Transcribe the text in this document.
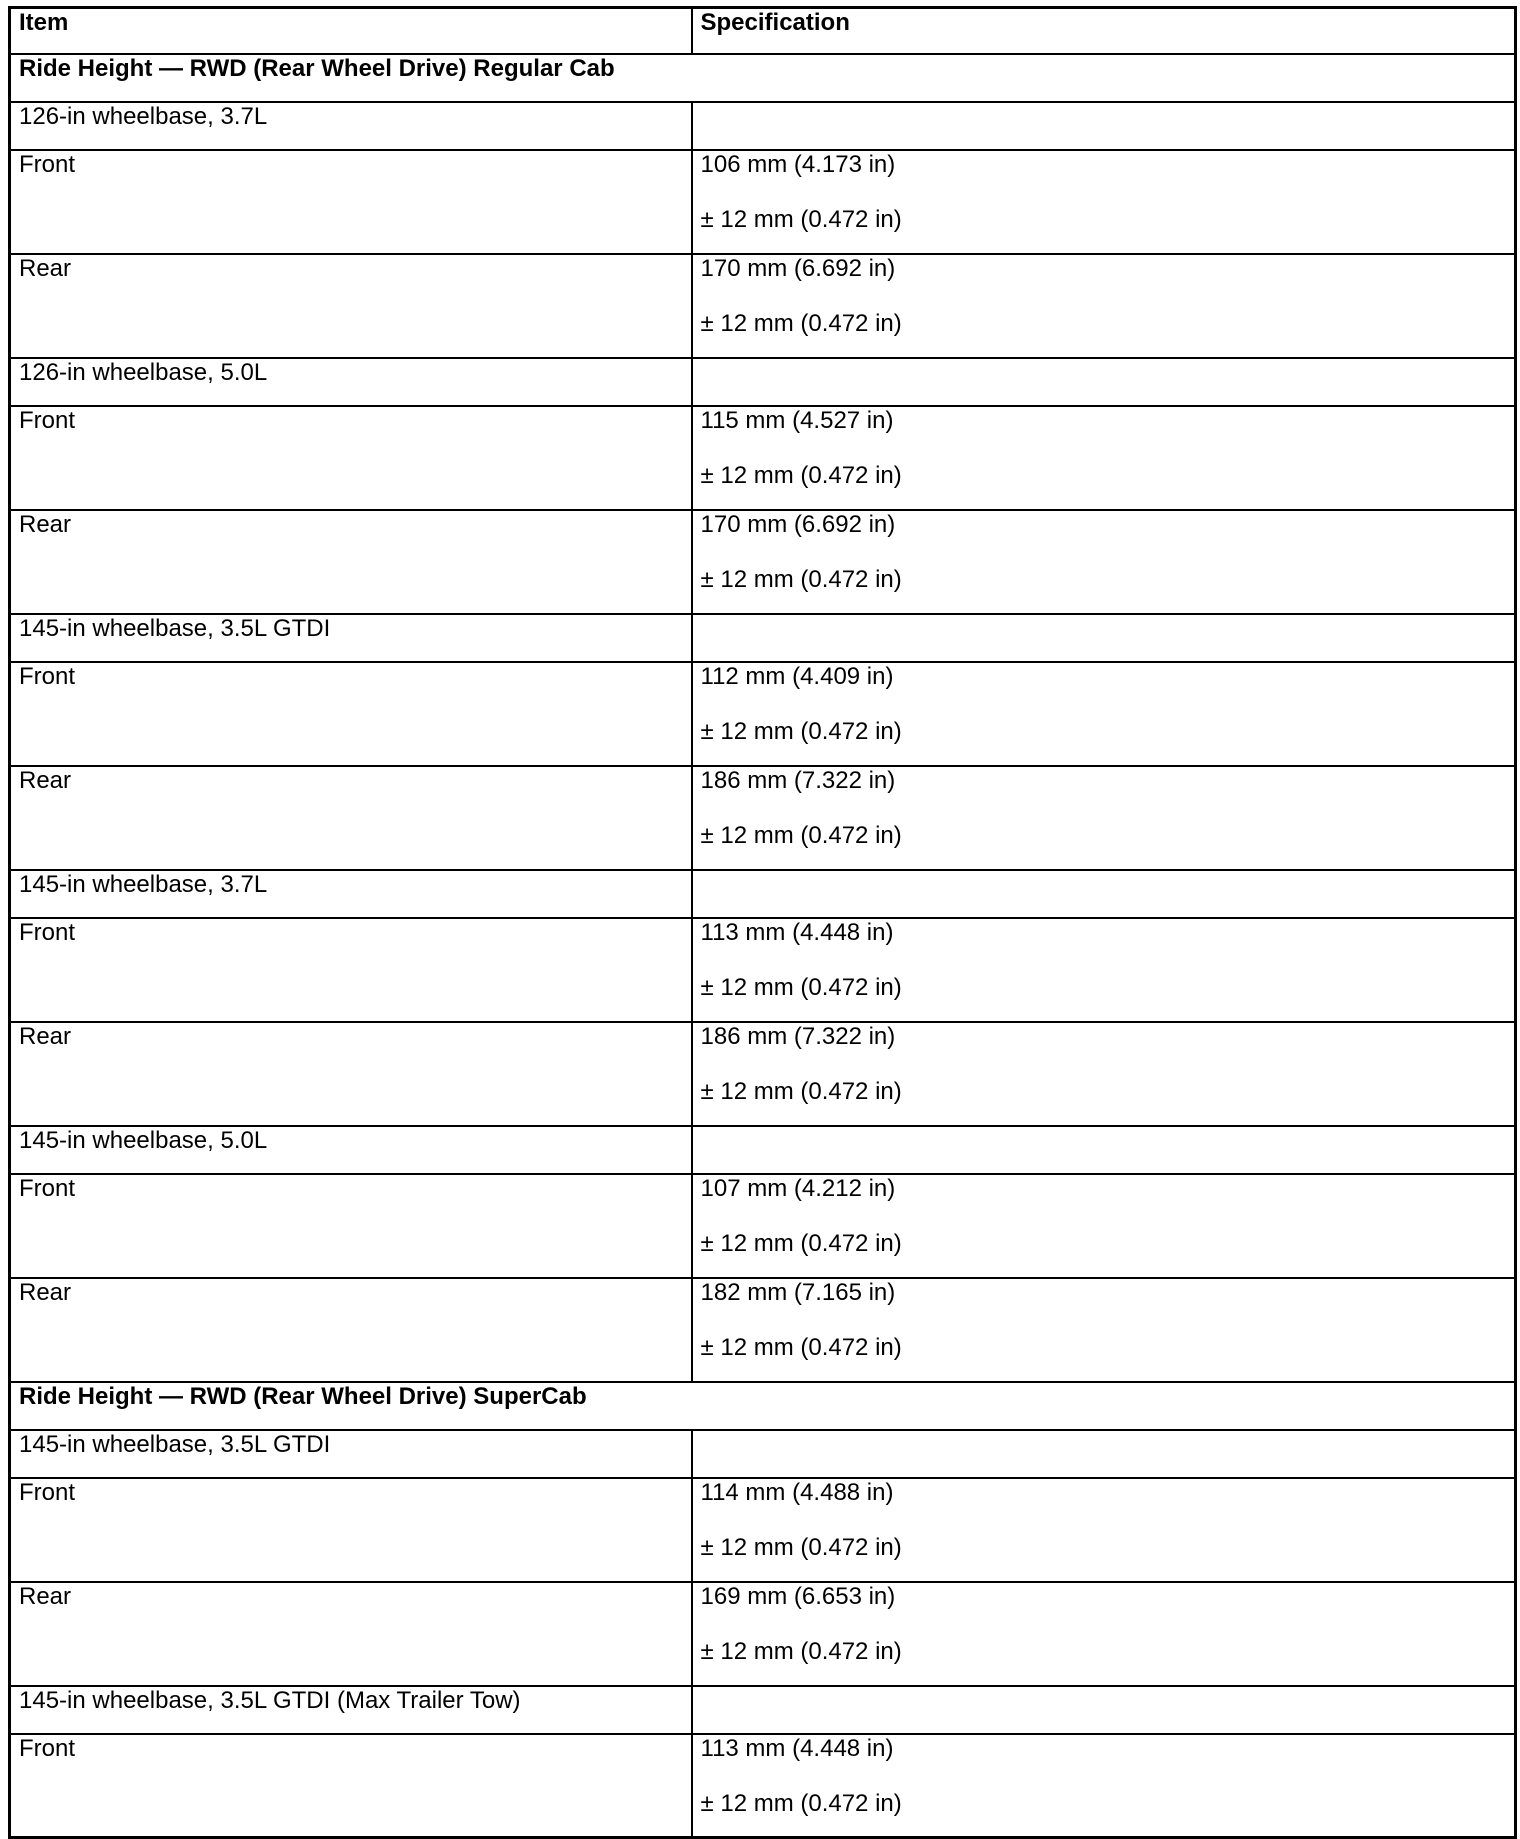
Item	Specification
Ride Height — RWD (Rear Wheel Drive) Regular Cab	
126-in wheelbase, 3.7L	
Front	106 mm (4.173 in)
± 12 mm (0.472 in)

Rear	170 mm (6.692 in)
± 12 mm (0.472 in)

126-in wheelbase, 5.0L	
Front	115 mm (4.527 in)
± 12 mm (0.472 in)

Rear	170 mm (6.692 in)
± 12 mm (0.472 in)

145-in wheelbase, 3.5L GTDI	
Front	112 mm (4.409 in)
± 12 mm (0.472 in)

Rear	186 mm (7.322 in)
± 12 mm (0.472 in)

145-in wheelbase, 3.7L	
Front	113 mm (4.448 in)
± 12 mm (0.472 in)

Rear	186 mm (7.322 in)
± 12 mm (0.472 in)

145-in wheelbase, 5.0L	
Front	107 mm (4.212 in)
± 12 mm (0.472 in)

Rear	182 mm (7.165 in)
± 12 mm (0.472 in)

Ride Height — RWD (Rear Wheel Drive) SuperCab	
145-in wheelbase, 3.5L GTDI	
Front	114 mm (4.488 in)
± 12 mm (0.472 in)

Rear	169 mm (6.653 in)
± 12 mm (0.472 in)

145-in wheelbase, 3.5L GTDI (Max Trailer Tow)	
Front	113 mm (4.448 in)
± 12 mm (0.472 in)
